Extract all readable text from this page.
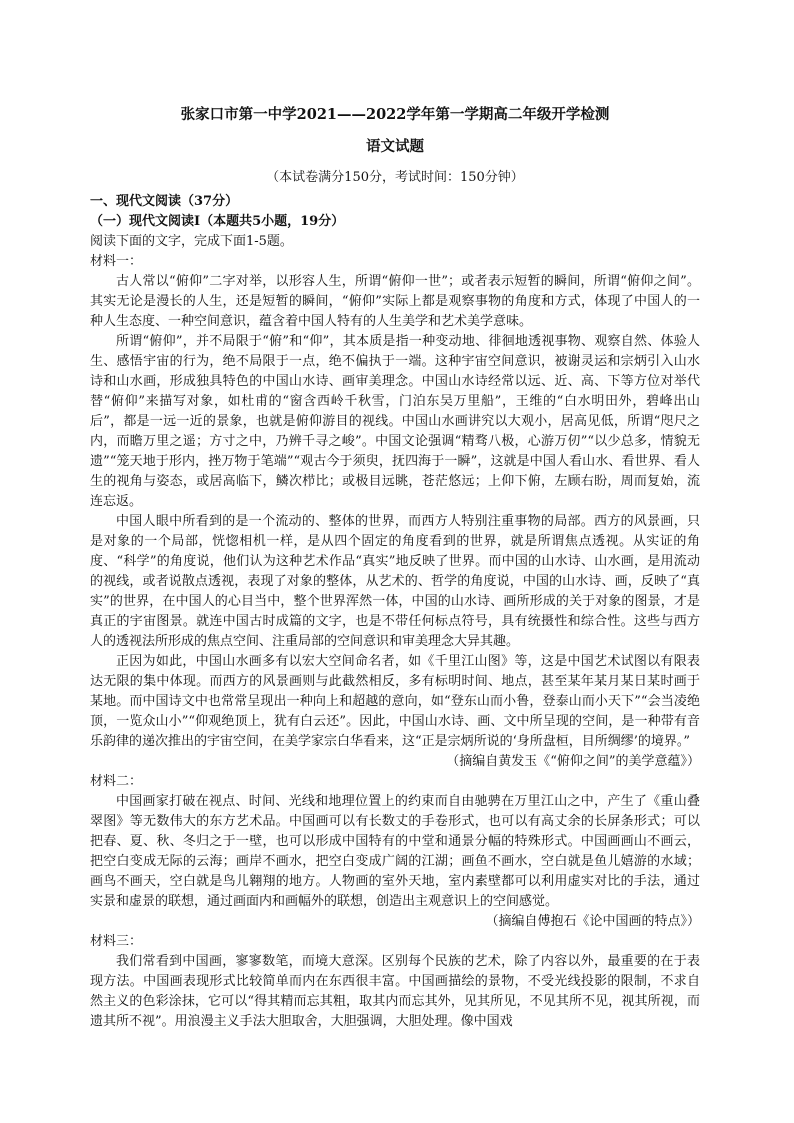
张家口市第一中学2021——2022学年第一学期高二年级开学检测

语文试题

（本试卷满分150分，考试时间：150分钟）

一、现代文阅读（37分）

（一）现代文阅读Ⅰ（本题共5小题，19分）

阅读下面的文字，完成下面1-5题。

材料一：

古人常以“俯仰”二字对举，以形容人生，所谓“俯仰一世”；或者表示短暂的瞬间，所谓“俯仰之间”。其实无论是漫长的人生，还是短暂的瞬间，“俯仰”实际上都是观察事物的角度和方式，体现了中国人的一种人生态度、一种空间意识，蕴含着中国人特有的人生美学和艺术美学意味。

所谓“俯仰”，并不局限于“俯”和“仰”，其本质是指一种变动地、徘徊地透视事物、观察自然、体验人生、感悟宇宙的行为，绝不局限于一点，绝不偏执于一端。这种宇宙空间意识，被谢灵运和宗炳引入山水诗和山水画，形成独具特色的中国山水诗、画审美理念。中国山水诗经常以远、近、高、下等方位对举代替“俯仰”来描写对象，如杜甫的“窗含西岭千秋雪，门泊东吴万里船”，王维的“白水明田外，碧峰出山后”，都是一远一近的景象，也就是俯仰游目的视线。中国山水画讲究以大观小，居高见低，所谓“咫尺之内，而瞻万里之遥；方寸之中，乃辨千寻之峻”。中国文论强调“精骛八极，心游万仞”“以少总多，情貌无遗”“笼天地于形内，挫万物于笔端”“观古今于须臾，抚四海于一瞬”，这就是中国人看山水、看世界、看人生的视角与姿态，或居高临下，鳞次栉比；或极目远眺，苍茫悠远；上仰下俯，左顾右盼，周而复始，流连忘返。

中国人眼中所看到的是一个流动的、整体的世界，而西方人特别注重事物的局部。西方的风景画，只是对象的一个局部，恍惚相机一样，是从四个固定的角度看到的世界，就是所谓焦点透视。从实证的角度、“科学”的角度说，他们认为这种艺术作品“真实”地反映了世界。而中国的山水诗、山水画，是用流动的视线，或者说散点透视，表现了对象的整体，从艺术的、哲学的角度说，中国的山水诗、画，反映了“真实”的世界，在中国人的心目当中，整个世界浑然一体，中国的山水诗、画所形成的关于对象的图景，才是真正的宇宙图景。就连中国古时成篇的文字，也是不带任何标点符号，具有统摄性和综合性。这些与西方人的透视法所形成的焦点空间、注重局部的空间意识和审美理念大异其趣。

正因为如此，中国山水画多有以宏大空间命名者，如《千里江山图》等，这是中国艺术试图以有限表达无限的集中体现。而西方的风景画则与此截然相反，多有标明时间、地点，甚至某年某月某日某时画于某地。而中国诗文中也常常呈现出一种向上和超越的意向，如“登东山而小鲁，登泰山而小天下”“会当凌绝顶，一览众山小”“仰观绝顶上，犹有白云还”。因此，中国山水诗、画、文中所呈现的空间，是一种带有音乐韵律的递次推出的宇宙空间，在美学家宗白华看来，这“正是宗炳所说的‘身所盘桓，目所绸缪’的境界。”

（摘编自黄发玉《“俯仰之间”的美学意蕴》）

材料二：

中国画家打破在视点、时间、光线和地理位置上的约束而自由驰骋在万里江山之中，产生了《重山叠翠图》等无数伟大的东方艺术品。中国画可以有长数丈的手卷形式，也可以有高丈余的长屏条形式；可以把春、夏、秋、冬归之于一壁，也可以形成中国特有的中堂和通景分幅的特殊形式。中国画画山不画云，把空白变成无际的云海；画岸不画水，把空白变成广阔的江湖；画鱼不画水，空白就是鱼儿嬉游的水域；画鸟不画天，空白就是鸟儿翱翔的地方。人物画的室外天地，室内素壁都可以利用虚实对比的手法，通过实景和虚景的联想，通过画面内和画幅外的联想，创造出主观意识上的空间感觉。

（摘编自傅抱石《论中国画的特点》）

材料三：

我们常看到中国画，寥寥数笔，而境大意深。区别每个民族的艺术，除了内容以外，最重要的在于表现方法。中国画表现形式比较简单而内在东西很丰富。中国画描绘的景物，不受光线投影的限制，不求自然主义的色彩涂抹，它可以“得其精而忘其粗，取其内而忘其外，见其所见，不见其所不见，视其所视，而遗其所不视”。用浪漫主义手法大胆取舍，大胆强调，大胆处理。像中国戏
